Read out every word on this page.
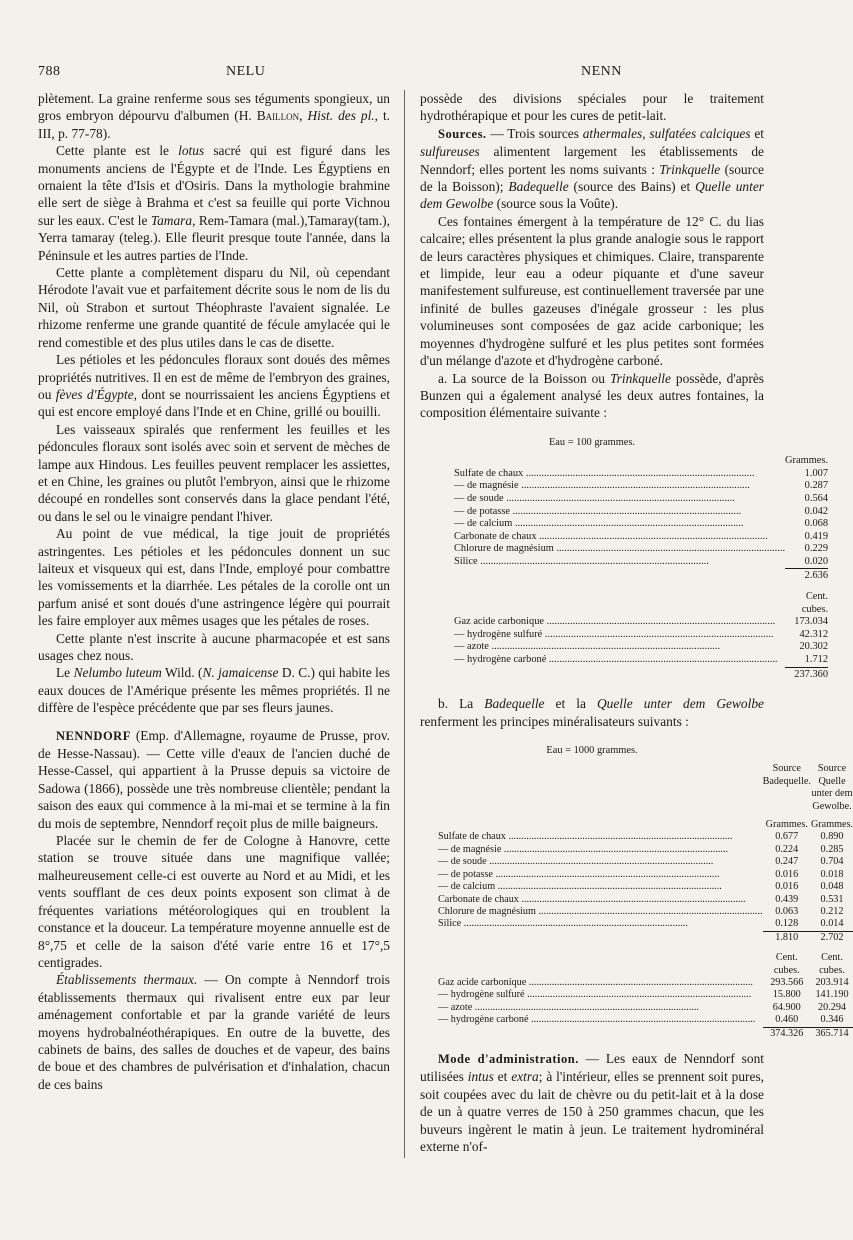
788	NELU	NENN

plètement. La graine renferme sous ses téguments spongieux, un gros embryon dépourvu d'albumen (H. Baillon, Hist. des pl., t. III, p. 77-78).

Cette plante est le lotus sacré qui est figuré dans les monuments anciens de l'Égypte et de l'Inde. Les Égyptiens en ornaient la tête d'Isis et d'Osiris. Dans la mythologie brahmine elle sert de siège à Brahma et c'est sa feuille qui porte Vichnou sur les eaux. C'est le Tamara, Rem-Tamara (mal.),Tamaray(tam.), Yerra tamaray (teleg.). Elle fleurit presque toute l'année, dans la Péninsule et les autres parties de l'Inde.

Cette plante a complètement disparu du Nil, où cependant Hérodote l'avait vue et parfaitement décrite sous le nom de lis du Nil, où Strabon et surtout Théophraste l'avaient signalée. Le rhizome renferme une grande quantité de fécule amylacée qui le rend comestible et des plus utiles dans le cas de disette.

Les pétioles et les pédoncules floraux sont doués des mêmes propriétés nutritives. Il en est de même de l'embryon des graines, ou fèves d'Égypte, dont se nourrissaient les anciens Égyptiens et qui est encore employé dans l'Inde et en Chine, grillé ou bouilli.

Les vaisseaux spiralés que renferment les feuilles et les pédoncules floraux sont isolés avec soin et servent de mèches de lampe aux Hindous. Les feuilles peuvent remplacer les assiettes, et en Chine, les graines ou plutôt l'embryon, ainsi que le rhizome découpé en rondelles sont conservés dans la glace pendant l'été, ou dans le sel ou le vinaigre pendant l'hiver.

Au point de vue médical, la tige jouit de propriétés astringentes. Les pétioles et les pédoncules donnent un suc laiteux et visqueux qui est, dans l'Inde, employé pour combattre les vomissements et la diarrhée. Les pétales de la corolle ont un parfum anisé et sont doués d'une astringence légère qui pourrait les faire employer aux mêmes usages que les pétales de roses.

Cette plante n'est inscrite à aucune pharmacopée et est sans usages chez nous.

Le Nelumbo luteum Wild. (N. jamaicense D. C.) qui habite les eaux douces de l'Amérique présente les mêmes propriétés. Il ne diffère de l'espèce précédente que par ses fleurs jaunes.

NENNDORF (Emp. d'Allemagne, royaume de Prusse, prov. de Hesse-Nassau). — Cette ville d'eaux de l'ancien duché de Hesse-Cassel, qui appartient à la Prusse depuis sa victoire de Sadowa (1866), possède une très nombreuse clientèle; pendant la saison des eaux qui commence à la mi-mai et se termine à la fin du mois de septembre, Nenndorf reçoit plus de mille baigneurs.

Placée sur le chemin de fer de Cologne à Hanovre, cette station se trouve située dans une magnifique vallée; malheureusement celle-ci est ouverte au Nord et au Midi, et les vents soufflant de ces deux points exposent son climat à de fréquentes variations météorologiques qui en troublent la constance et la douceur. La température moyenne annuelle est de 8°,75 et celle de la saison d'été varie entre 16 et 17°,5 centigrades.

Établissements thermaux. — On compte à Nenndorf trois établissements thermaux qui rivalisent entre eux par leur aménagement confortable et par la grande variété de leurs moyens hydrobalnéothérapiques. En outre de la buvette, des cabinets de bains, des salles de douches et de vapeur, des bains de boue et des chambres de pulvérisation et d'inhalation, chacun de ces bains

possède des divisions spéciales pour le traitement hydrothérapique et pour les cures de petit-lait.

Sources. — Trois sources athermales, sulfatées calciques et sulfureuses alimentent largement les établissements de Nenndorf; elles portent les noms suivants : Trinkquelle (source de la Boisson); Badequelle (source des Bains) et Quelle unter dem Gewolbe (source sous la Voûte).

Ces fontaines émergent à la température de 12° C. du lias calcaire; elles présentent la plus grande analogie sous le rapport de leurs caractères physiques et chimiques. Claire, transparente et limpide, leur eau a odeur piquante et d'une saveur manifestement sulfureuse, est continuellement traversée par une infinité de bulles gazeuses d'inégale grosseur : les plus volumineuses sont composées de gaz acide carbonique; les moyennes d'hydrogène sulfuré et les plus petites sont formées d'un mélange d'azote et d'hydrogène carboné.

a. La source de la Boisson ou Trinkquelle possède, d'après Bunzen qui a également analysé les deux autres fontaines, la composition élémentaire suivante :

Eau = 100 grammes.
	Grammes.
Sulfate de chaux .....	1.007
— de magnésie .....	0.287
— de soude .....	0.564
— de potasse .....	0.042
— de calcium .....	0.068
Carbonate de chaux .....	0.419
Chlorure de magnésium .....	0.229
Silice .....	0.020
	2.636

	Cent. cubes.
Gaz acide carbonique .....	173.034
— hydrogène sulfuré .....	42.312
— azote .....	20.302
— hydrogène carboné .....	1.712
	237.360

b. La Badequelle et la Quelle unter dem Gewolbe renferment les principes minéralisateurs suivants :

Eau = 1000 grammes.
	Source Badequelle.	Source Quelle unter dem Gewolbe.

	Grammes.	Grammes.
Sulfate de chaux .....	0.677	0.890
— de magnésie .....	0.224	0.285
— de soude .....	0.247	0.704
— de potasse .....	0.016	0.018
— de calcium .....	0.016	0.048
Carbonate de chaux .....	0.439	0.531
Chlorure de magnésium .....	0.063	0.212
Silice .....	0.128	0.014
	1.810	2.702

	Cent. cubes.	Cent. cubes.
Gaz acide carbonique .....	293.566	203.914
— hydrogène sulfuré .....	15.800	141.190
— azote .....	64.900	20.294
— hydrogène carboné .....	0.460	0.346
	374.326	365.714

Mode d'administration. — Les eaux de Nenndorf sont utilisées intus et extra; à l'intérieur, elles se prennent soit pures, soit coupées avec du lait de chèvre ou du petit-lait et à la dose de un à quatre verres de 150 à 250 grammes chacun, que les buveurs ingèrent le matin à jeun. Le traitement hydrominéral externe n'of-
